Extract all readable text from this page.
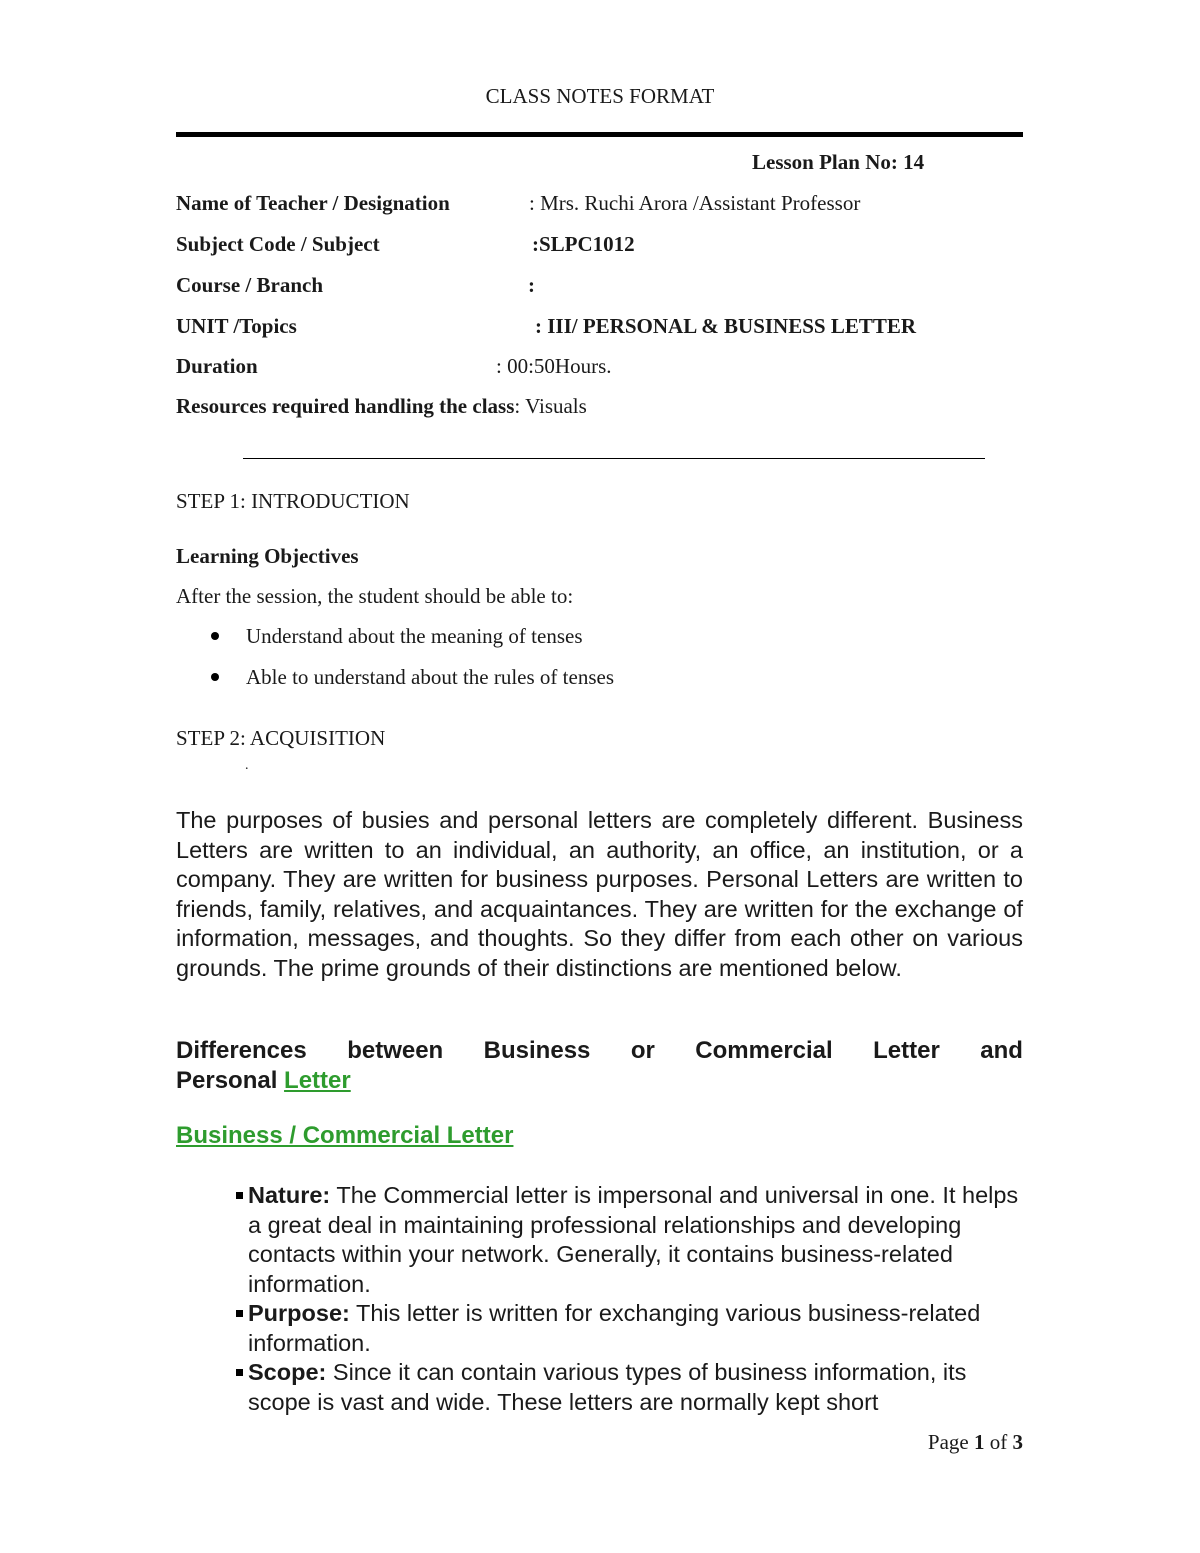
CLASS NOTES FORMAT
Lesson Plan No: 14
Name of Teacher / Designation	: Mrs. Ruchi Arora /Assistant Professor
Subject Code / Subject	:SLPC1012
Course / Branch	:
UNIT /Topics	: III/ PERSONAL & BUSINESS LETTER
Duration	: 00:50Hours.
Resources required handling the class: Visuals
STEP 1: INTRODUCTION
Learning Objectives
After the session, the student should be able to:
Understand about the meaning of tenses
Able to understand about the rules of tenses
STEP 2: ACQUISITION
.
The purposes of busies and personal letters are completely different. Business Letters are written to an individual, an authority, an office, an institution, or a company. They are written for business purposes. Personal Letters are written to friends, family, relatives, and acquaintances. They are written for the exchange of information, messages, and thoughts. So they differ from each other on various grounds. The prime grounds of their distinctions are mentioned below.
Differences between Business or Commercial Letter and
Personal Letter
Business / Commercial Letter
Nature: The Commercial letter is impersonal and universal in one. It helps a great deal in maintaining professional relationships and developing contacts within your network. Generally, it contains business-related information.
Purpose: This letter is written for exchanging various business-related information.
Scope: Since it can contain various types of business information, its scope is vast and wide. These letters are normally kept short
Page 1 of 3
